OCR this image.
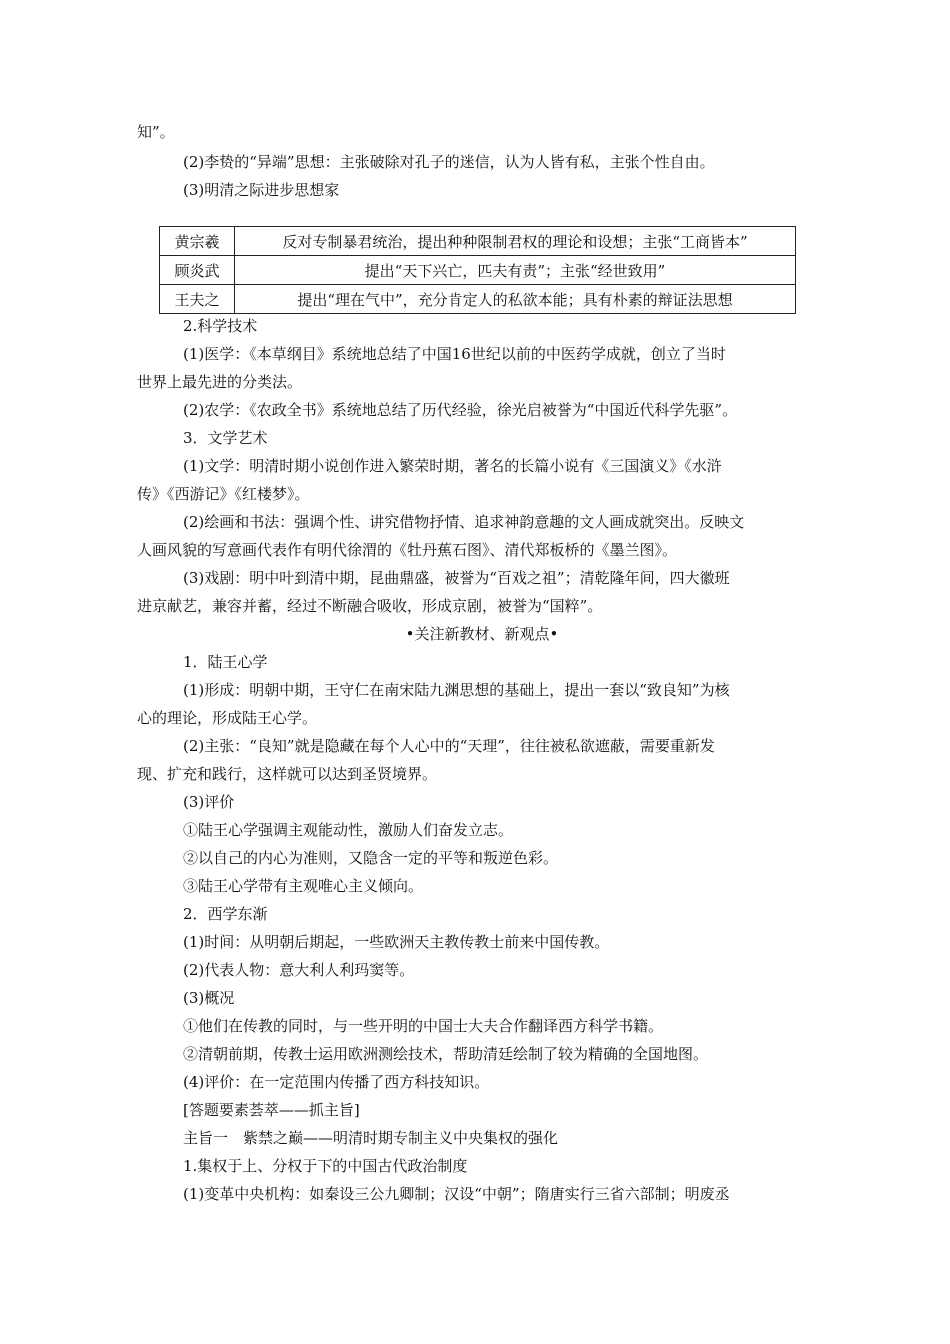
知”。
(2)李贽的“异端”思想：主张破除对孔子的迷信，认为人皆有私，主张个性自由。
(3)明清之际进步思想家
黄宗羲	反对专制暴君统治，提出种种限制君权的理论和设想；主张“工商皆本”
顾炎武	提出“天下兴亡，匹夫有责”；主张“经世致用”
王夫之	提出“理在气中”，充分肯定人的私欲本能；具有朴素的辩证法思想
2.科学技术
(1)医学：《本草纲目》系统地总结了中国16世纪以前的中医药学成就，创立了当时
世界上最先进的分类法。
(2)农学：《农政全书》系统地总结了历代经验，徐光启被誉为“中国近代科学先驱”。
3．文学艺术
(1)文学：明清时期小说创作进入繁荣时期，著名的长篇小说有《三国演义》《水浒
传》《西游记》《红楼梦》。
(2)绘画和书法：强调个性、讲究借物抒情、追求神韵意趣的文人画成就突出。反映文
人画风貌的写意画代表作有明代徐渭的《牡丹蕉石图》、清代郑板桥的《墨兰图》。
(3)戏剧：明中叶到清中期，昆曲鼎盛，被誉为“百戏之祖”；清乾隆年间，四大徽班
进京献艺，兼容并蓄，经过不断融合吸收，形成京剧，被誉为“国粹”。
•关注新教材、新观点•
1．陆王心学
(1)形成：明朝中期，王守仁在南宋陆九渊思想的基础上，提出一套以“致良知”为核
心的理论，形成陆王心学。
(2)主张：“良知”就是隐藏在每个人心中的“天理”，往往被私欲遮蔽，需要重新发
现、扩充和践行，这样就可以达到圣贤境界。
(3)评价
①陆王心学强调主观能动性，激励人们奋发立志。
②以自己的内心为准则，又隐含一定的平等和叛逆色彩。
③陆王心学带有主观唯心主义倾向。
2．西学东渐
(1)时间：从明朝后期起，一些欧洲天主教传教士前来中国传教。
(2)代表人物：意大利人利玛窦等。
(3)概况
①他们在传教的同时，与一些开明的中国士大夫合作翻译西方科学书籍。
②清朝前期，传教士运用欧洲测绘技术，帮助清廷绘制了较为精确的全国地图。
(4)评价：在一定范围内传播了西方科技知识。
[答题要素荟萃——抓主旨]
主旨一　紫禁之巅——明清时期专制主义中央集权的强化
1.集权于上、分权于下的中国古代政治制度
(1)变革中央机构：如秦设三公九卿制；汉设“中朝”；隋唐实行三省六部制；明废丞
